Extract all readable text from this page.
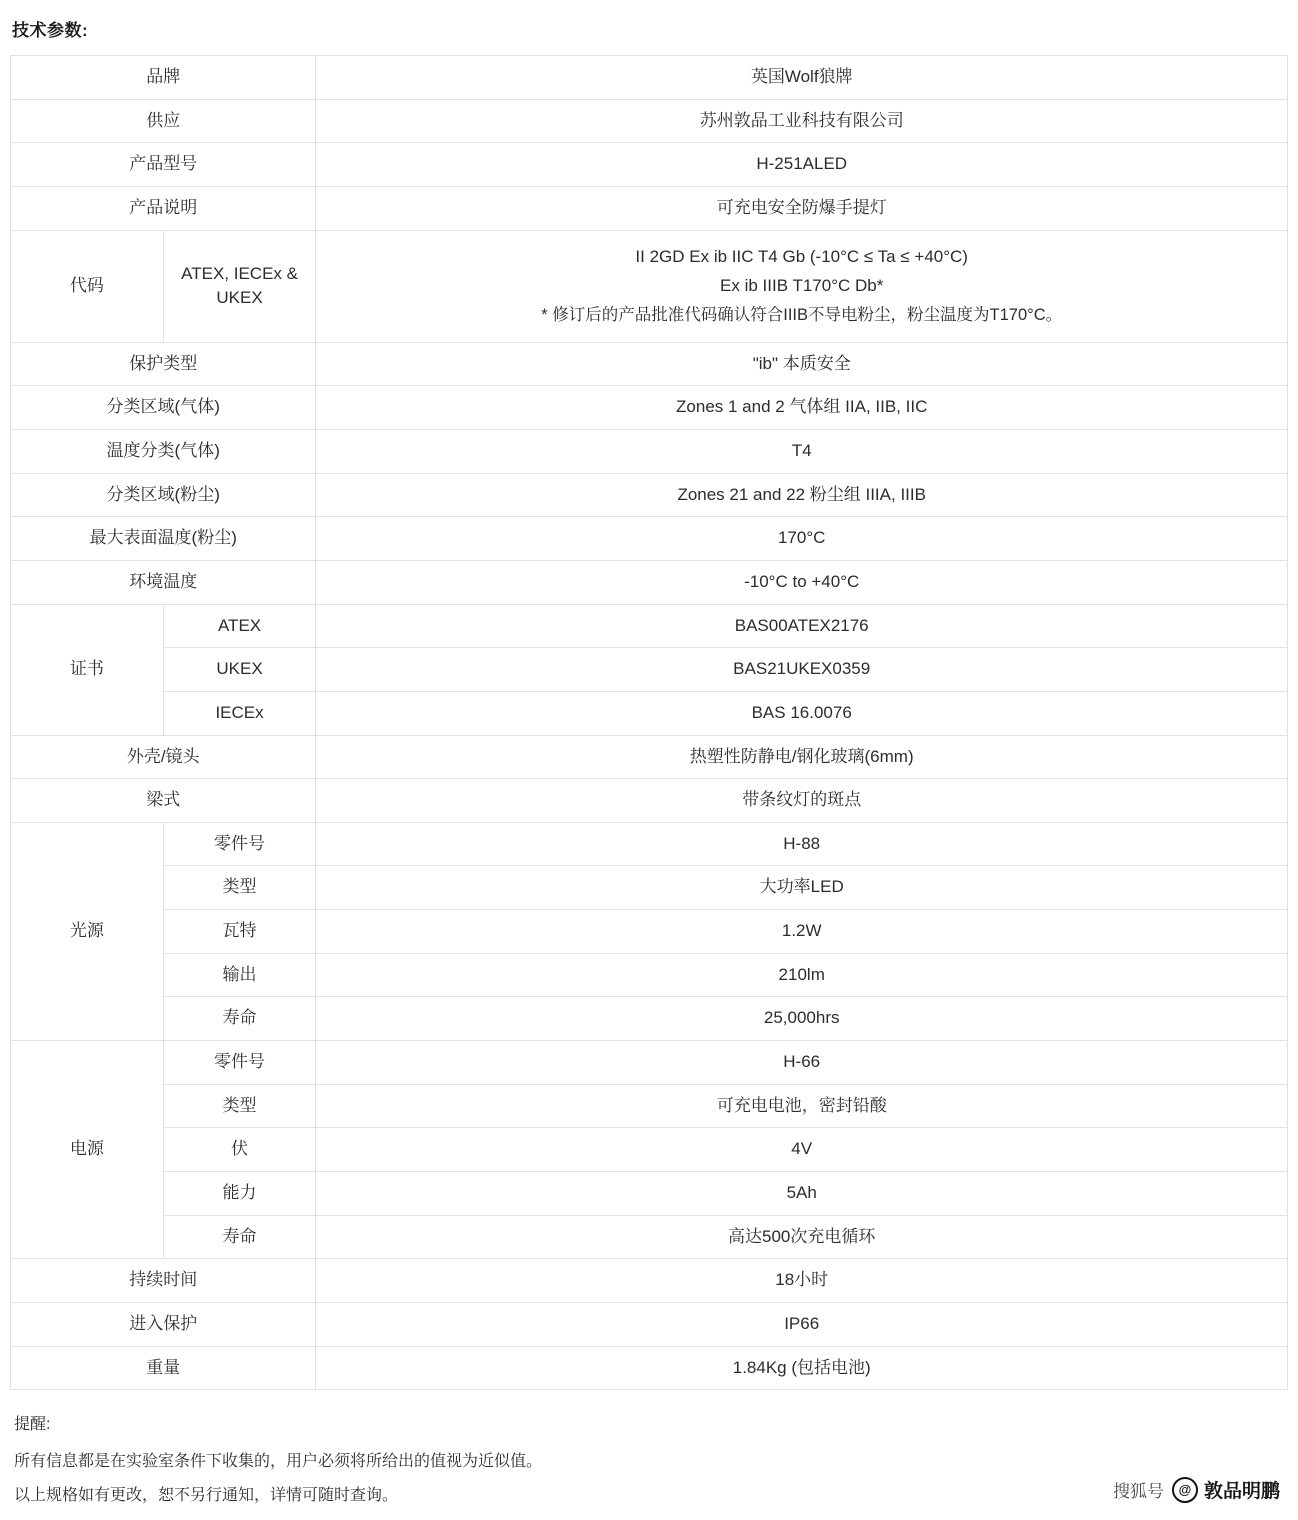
技术参数:
品牌		英国Wolf狼牌
供应		苏州敦品工业科技有限公司
产品型号		H-251ALED
产品说明		可充电安全防爆手提灯
代码	ATEX, IECEx & UKEX	II 2GD Ex ib IIC T4 Gb (-10°C ≤ Ta ≤ +40°C)
Ex ib IIIB T170°C Db*
* 修订后的产品批准代码确认符合IIIB不导电粉尘，粉尘温度为T170°C。

保护类型		"ib" 本质安全
分类区域(气体)		Zones 1 and 2 气体组 IIA, IIB, IIC
温度分类(气体)		T4
分类区域(粉尘)		Zones 21 and 22 粉尘组 IIIA, IIIB
最大表面温度(粉尘)		170°C
环境温度		-10°C to +40°C
证书	ATEX	BAS00ATEX2176
	UKEX	BAS21UKEX0359
	IECEx	BAS 16.0076
外壳/镜头		热塑性防静电/钢化玻璃(6mm)
梁式		带条纹灯的斑点
光源	零件号	H-88
	类型	大功率LED
	瓦特	1.2W
	输出	210lm
	寿命	25,000hrs
电源	零件号	H-66
	类型	可充电电池，密封铅酸
	伏	4V
	能力	5Ah
	寿命	高达500次充电循环
持续时间		18小时
进入保护		IP66
重量		1.84Kg (包括电池)
提醒:
所有信息都是在实验室条件下收集的，用户必须将所给出的值视为近似值。
以上规格如有更改，恕不另行通知，详情可随时查询。	搜狐号	@ 敦品明鹏
